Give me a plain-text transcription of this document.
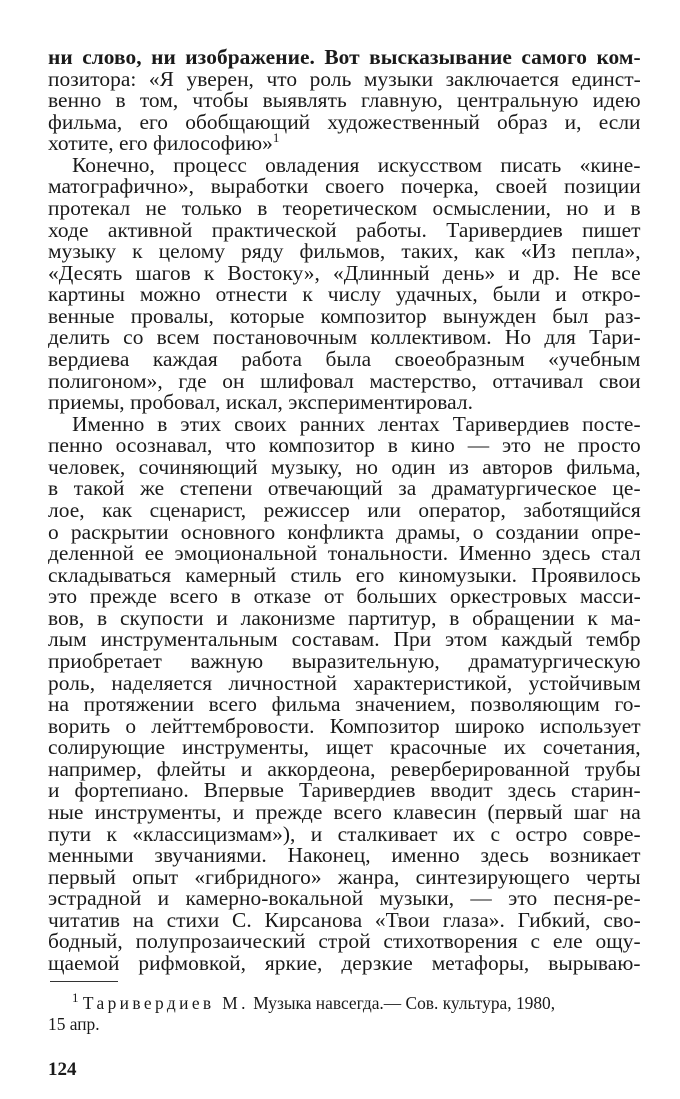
ни слово, ни изображение. Вот высказывание самого ком-
позитора: «Я уверен, что роль музыки заключается единст-
венно в том, чтобы выявлять главную, центральную идею
фильма, его обобщающий художественный образ и, если
хотите, его философию»$^1$
Конечно, процесс овладения искусством писать «кине-
матографично», выработки своего почерка, своей позиции
протекал не только в теоретическом осмыслении, но и в
ходе активной практической работы. Таривердиев пишет
музыку к целому ряду фильмов, таких, как «Из пепла»,
«Десять шагов к Востоку», «Длинный день» и др. Не все
картины можно отнести к числу удачных, были и откро-
венные провалы, которые композитор вынужден был раз-
делить со всем постановочным коллективом. Но для Тари-
вердиева каждая работа была своеобразным «учебным
полигоном», где он шлифовал мастерство, оттачивал свои
приемы, пробовал, искал, экспериментировал.
Именно в этих своих ранних лентах Таривердиев посте-
пенно осознавал, что композитор в кино — это не просто
человек, сочиняющий музыку, но один из авторов фильма,
в такой же степени отвечающий за драматургическое це-
лое, как сценарист, режиссер или оператор, заботящийся
о раскрытии основного конфликта драмы, о создании опре-
деленной ее эмоциональной тональности. Именно здесь стал
складываться камерный стиль его киномузыки. Проявилось
это прежде всего в отказе от больших оркестровых масси-
вов, в скупости и лаконизме партитур, в обращении к ма-
лым инструментальным составам. При этом каждый тембр
приобретает важную выразительную, драматургическую
роль, наделяется личностной характеристикой, устойчивым
на протяжении всего фильма значением, позволяющим го-
ворить о лейттембровости. Композитор широко использует
солирующие инструменты, ищет красочные их сочетания,
например, флейты и аккордеона, реверберированной трубы
и фортепиано. Впервые Таривердиев вводит здесь старин-
ные инструменты, и прежде всего клавесин (первый шаг на
пути к «классицизмам»), и сталкивает их с остро совре-
менными звучаниями. Наконец, именно здесь возникает
первый опыт «гибридного» жанра, синтезирующего черты
эстрадной и камерно-вокальной музыки, — это песня-ре-
читатив на стихи С. Кирсанова «Твои глаза». Гибкий, сво-
бодный, полупрозаический строй стихотворения с еле ощу-
щаемой рифмовкой, яркие, дерзкие метафоры, вырываю-
$^1$ Таривердиев М. Музыка навсегда.— Сов. культура, 1980,
15 апр.
124
